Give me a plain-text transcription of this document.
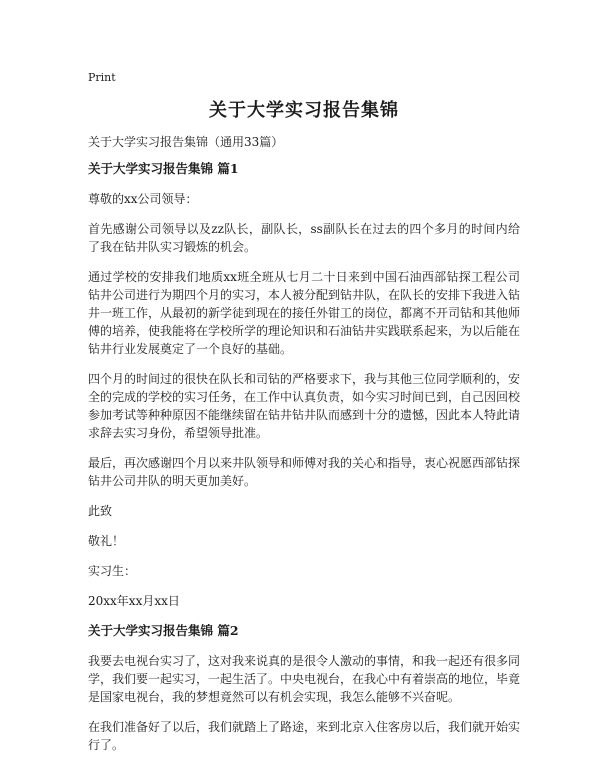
Print
关于大学实习报告集锦
关于大学实习报告集锦（通用33篇）
关于大学实习报告集锦 篇1

尊敬的xx公司领导：

首先感谢公司领导以及zz队长，副队长，ss副队长在过去的四个多月的时间内给了我在钻井队实习锻炼的机会。

通过学校的安排我们地质xx班全班从七月二十日来到中国石油西部钻探工程公司钻井公司进行为期四个月的实习，本人被分配到钻井队，在队长的安排下我进入钻井一班工作，从最初的新学徒到现在的接任外钳工的岗位，都离不开司钻和其他师傅的培养，使我能将在学校所学的理论知识和石油钻井实践联系起来，为以后能在钻井行业发展奠定了一个良好的基础。

四个月的时间过的很快在队长和司钻的严格要求下，我与其他三位同学顺利的，安全的完成的学校的实习任务，在工作中认真负责，如今实习时间已到，自己因回校参加考试等种种原因不能继续留在钻井钻井队而感到十分的遗憾，因此本人特此请求辞去实习身份，希望领导批准。

最后，再次感谢四个月以来井队领导和师傅对我的关心和指导，衷心祝愿西部钻探钻井公司井队的明天更加美好。

此致

敬礼！

实习生：

20xx年xx月xx日

关于大学实习报告集锦 篇2

我要去电视台实习了，这对我来说真的是很令人激动的事情，和我一起还有很多同学，我们要一起实习，一起生活了。中央电视台，在我心中有着崇高的地位，毕竟是国家电视台，我的梦想竟然可以有机会实现，我怎么能够不兴奋呢。

在我们准备好了以后，我们就踏上了路途，来到北京入住客房以后，我们就开始实行了。
